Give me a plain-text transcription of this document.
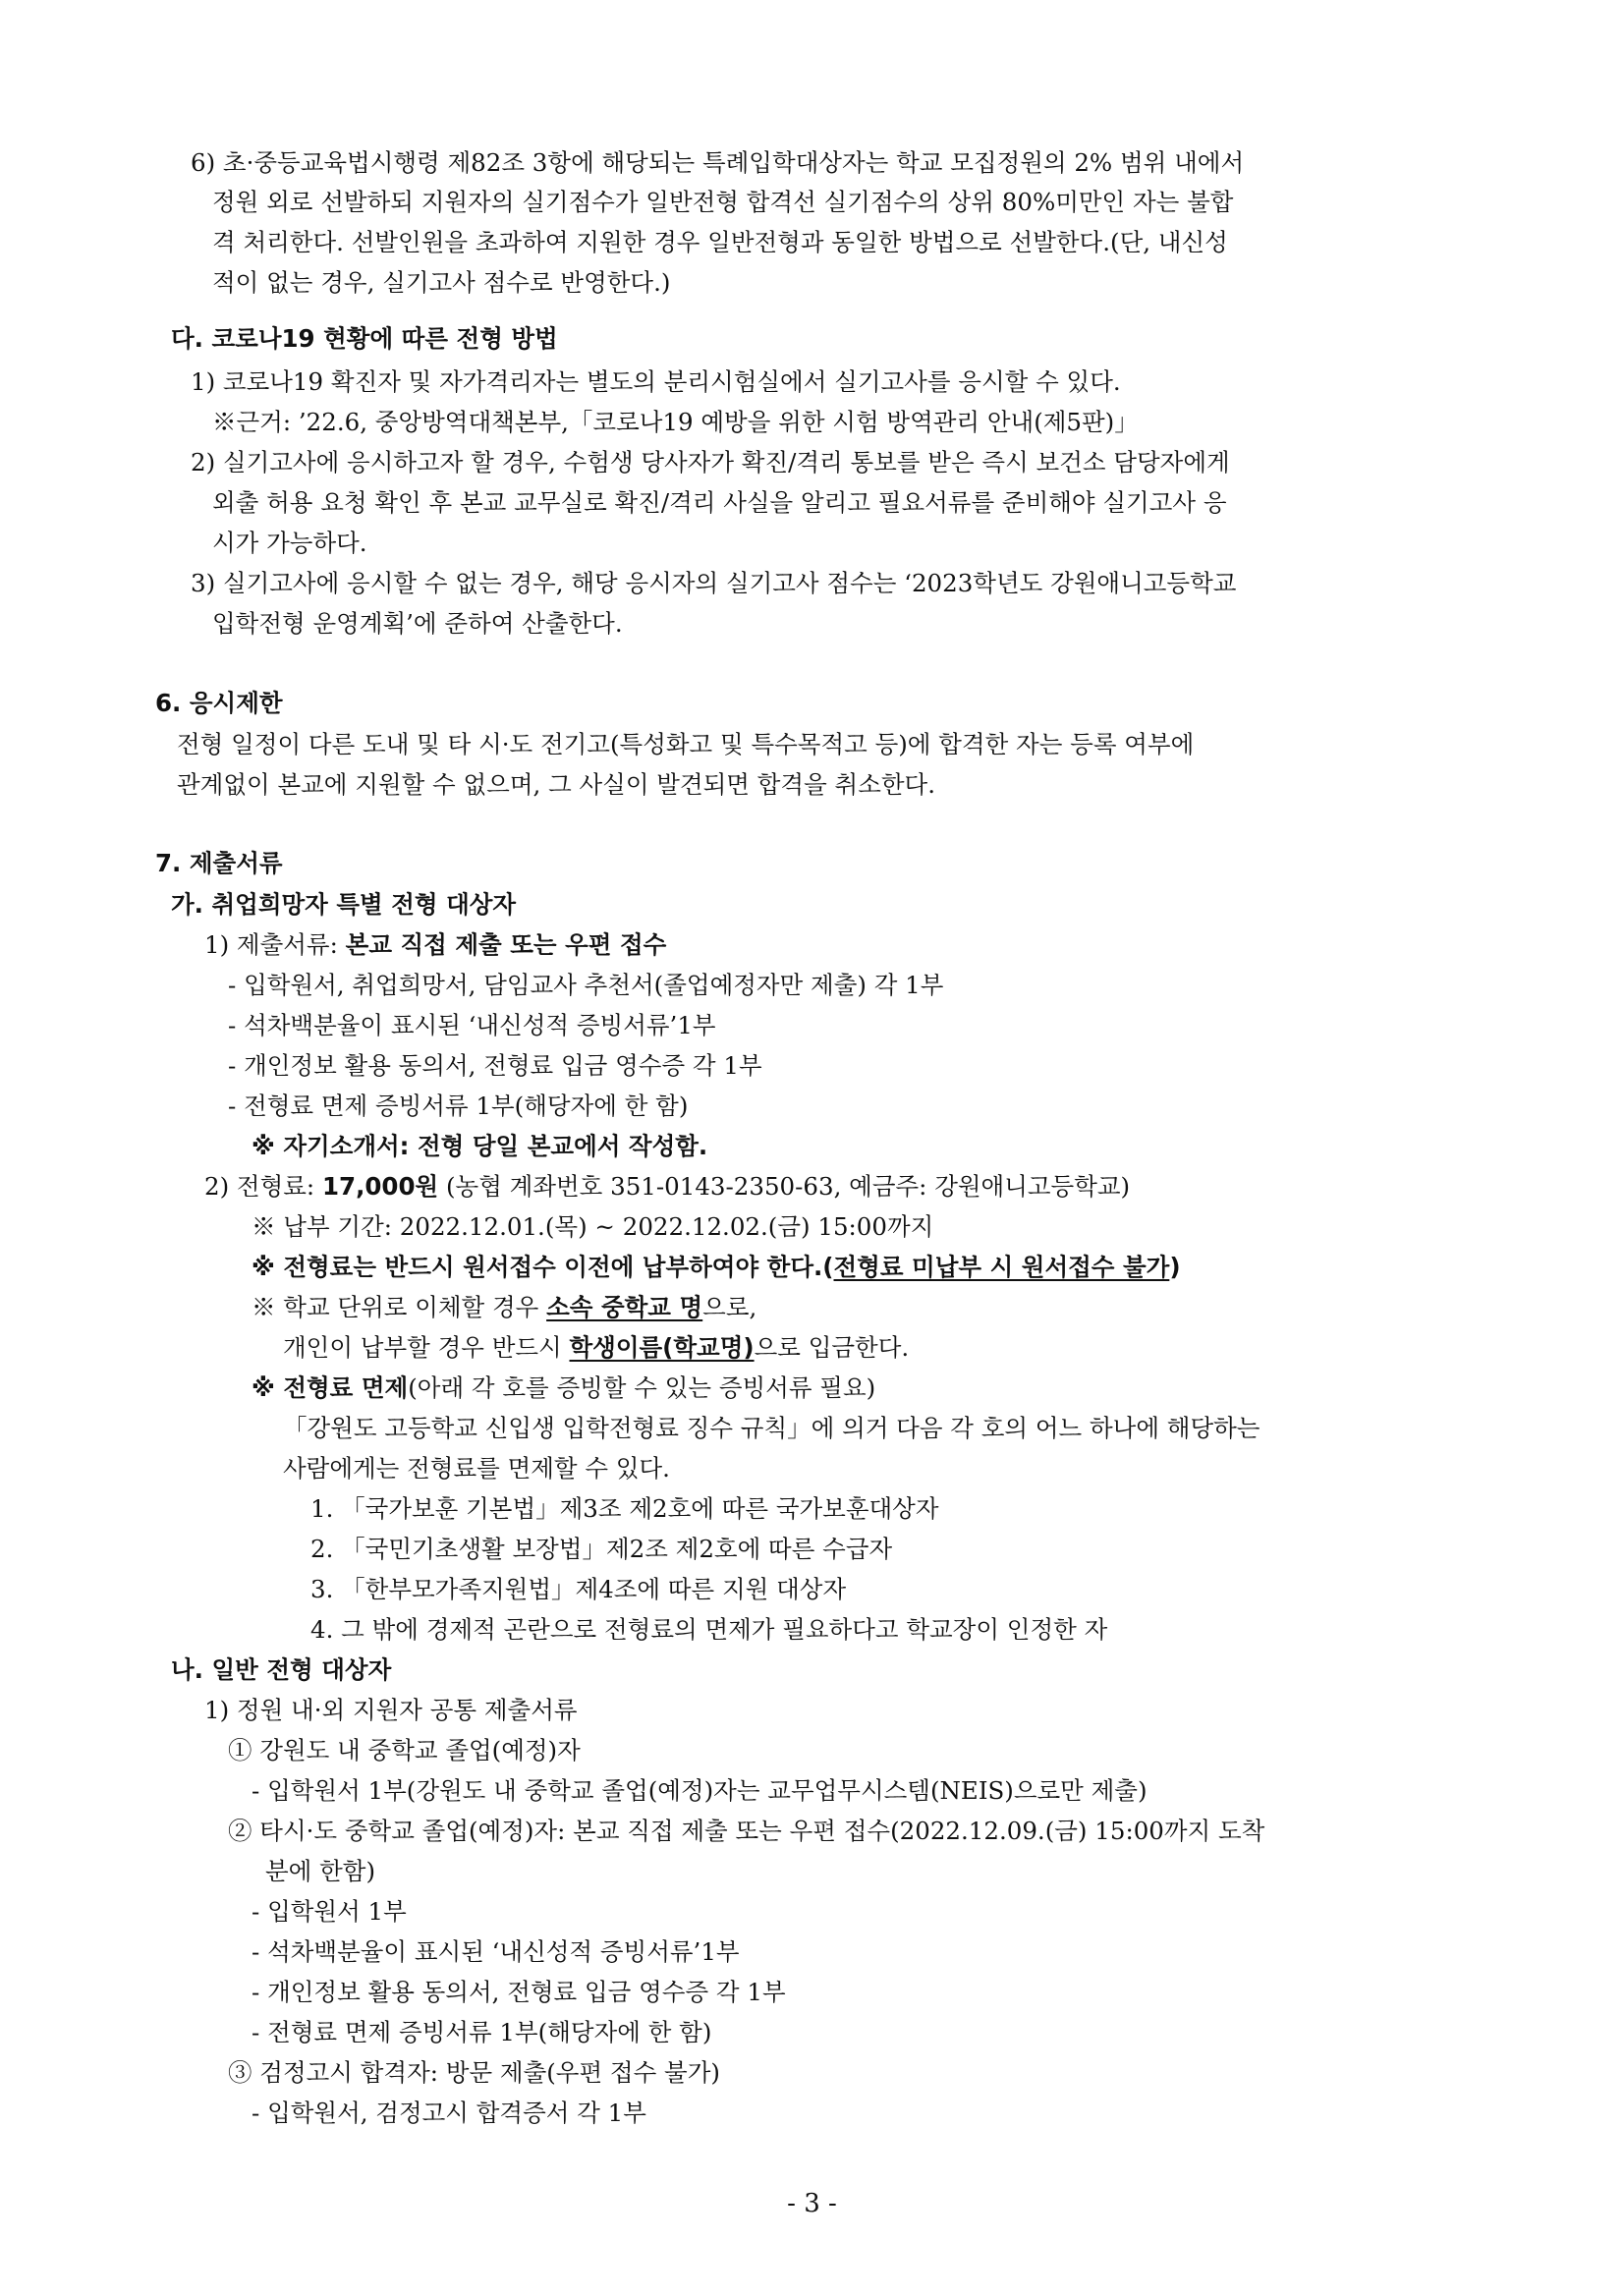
6) 초·중등교육법시행령 제82조 3항에 해당되는 특례입학대상자는 학교 모집정원의 2% 범위 내에서
정원 외로 선발하되 지원자의 실기점수가 일반전형 합격선 실기점수의 상위 80%미만인 자는 불합
격 처리한다. 선발인원을 초과하여 지원한 경우 일반전형과 동일한 방법으로 선발한다.(단, 내신성
적이 없는 경우, 실기고사 점수로 반영한다.)
다. 코로나19 현황에 따른 전형 방법
1) 코로나19 확진자 및 자가격리자는 별도의 분리시험실에서 실기고사를 응시할 수 있다.
※근거: ’22.6, 중앙방역대책본부,「코로나19 예방을 위한 시험 방역관리 안내(제5판)」
2) 실기고사에 응시하고자 할 경우, 수험생 당사자가 확진/격리 통보를 받은 즉시 보건소 담당자에게
외출 허용 요청 확인 후 본교 교무실로 확진/격리 사실을 알리고 필요서류를 준비해야 실기고사 응
시가 가능하다.
3) 실기고사에 응시할 수 없는 경우, 해당 응시자의 실기고사 점수는 ‘2023학년도 강원애니고등학교
입학전형 운영계획’에 준하여 산출한다.
6. 응시제한
전형 일정이 다른 도내 및 타 시·도 전기고(특성화고 및 특수목적고 등)에 합격한 자는 등록 여부에
관계없이 본교에 지원할 수 없으며, 그 사실이 발견되면 합격을 취소한다.
7. 제출서류
가. 취업희망자 특별 전형 대상자
1) 제출서류: 본교 직접 제출 또는 우편 접수
- 입학원서, 취업희망서, 담임교사 추천서(졸업예정자만 제출) 각 1부
- 석차백분율이 표시된 ‘내신성적 증빙서류’1부
- 개인정보 활용 동의서, 전형료 입금 영수증 각 1부
- 전형료 면제 증빙서류 1부(해당자에 한 함)
※ 자기소개서: 전형 당일 본교에서 작성함.
2) 전형료: 17,000원 (농협 계좌번호 351-0143-2350-63, 예금주: 강원애니고등학교)
※ 납부 기간: 2022.12.01.(목) ~ 2022.12.02.(금) 15:00까지
※ 전형료는 반드시 원서접수 이전에 납부하여야 한다.(전형료 미납부 시 원서접수 불가)
※ 학교 단위로 이체할 경우 소속 중학교 명으로,
개인이 납부할 경우 반드시 학생이름(학교명)으로 입금한다.
※ 전형료 면제(아래 각 호를 증빙할 수 있는 증빙서류 필요)
「강원도 고등학교 신입생 입학전형료 징수 규칙」에 의거 다음 각 호의 어느 하나에 해당하는
사람에게는 전형료를 면제할 수 있다.
1. 「국가보훈 기본법」제3조 제2호에 따른 국가보훈대상자
2. 「국민기초생활 보장법」제2조 제2호에 따른 수급자
3. 「한부모가족지원법」제4조에 따른 지원 대상자
4. 그 밖에 경제적 곤란으로 전형료의 면제가 필요하다고 학교장이 인정한 자
나. 일반 전형 대상자
1) 정원 내·외 지원자 공통 제출서류
① 강원도 내 중학교 졸업(예정)자
- 입학원서 1부(강원도 내 중학교 졸업(예정)자는 교무업무시스템(NEIS)으로만 제출)
② 타시·도 중학교 졸업(예정)자: 본교 직접 제출 또는 우편 접수(2022.12.09.(금) 15:00까지 도착
분에 한함)
- 입학원서 1부
- 석차백분율이 표시된 ‘내신성적 증빙서류’1부
- 개인정보 활용 동의서, 전형료 입금 영수증 각 1부
- 전형료 면제 증빙서류 1부(해당자에 한 함)
③ 검정고시 합격자: 방문 제출(우편 접수 불가)
- 입학원서, 검정고시 합격증서 각 1부
- 3 -
